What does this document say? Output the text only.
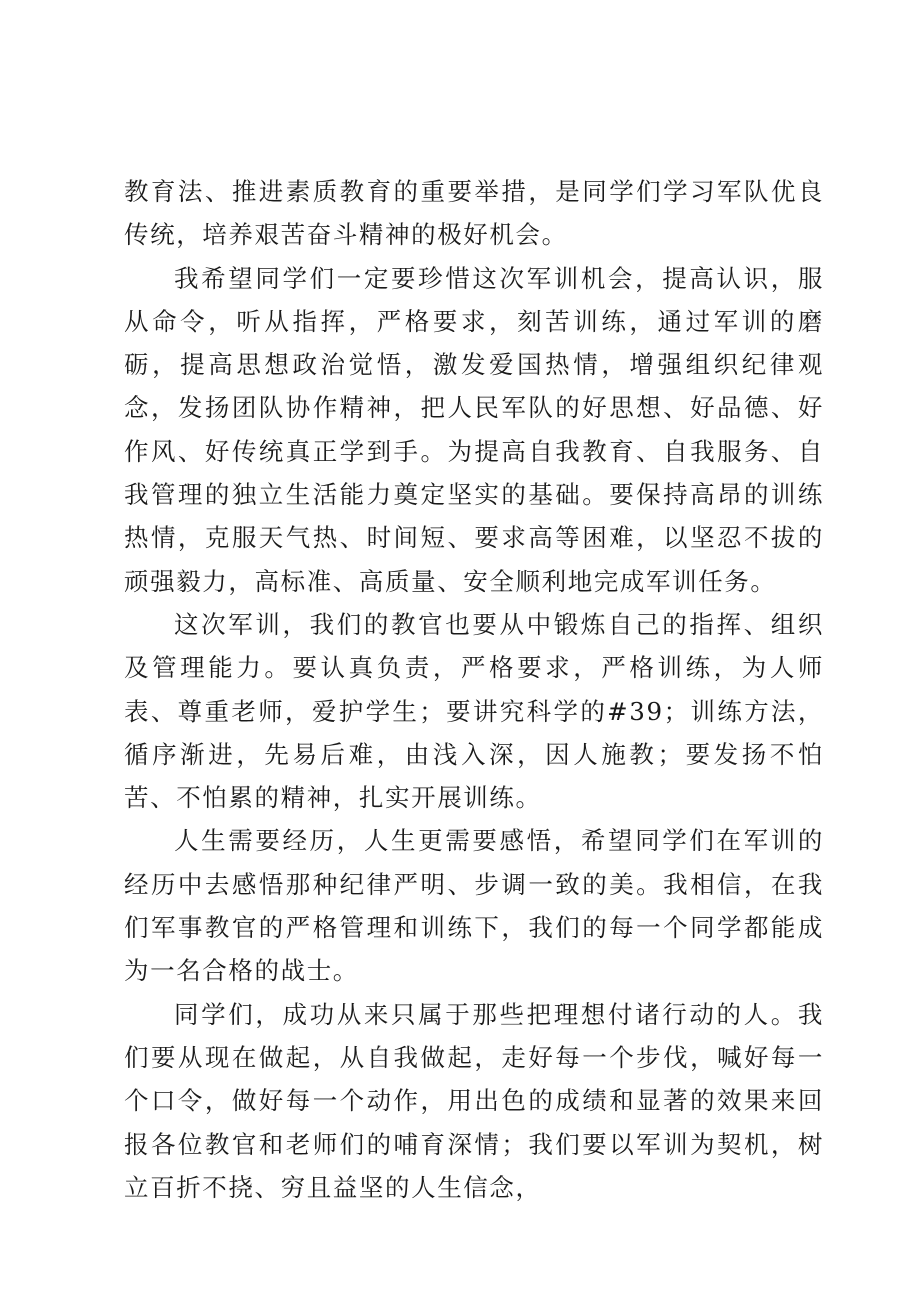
教育法、推进素质教育的重要举措，是同学们学习军队优良传统，培养艰苦奋斗精神的极好机会。

我希望同学们一定要珍惜这次军训机会，提高认识，服从命令，听从指挥，严格要求，刻苦训练，通过军训的磨砺，提高思想政治觉悟，激发爱国热情，增强组织纪律观念，发扬团队协作精神，把人民军队的好思想、好品德、好作风、好传统真正学到手。为提高自我教育、自我服务、自我管理的独立生活能力奠定坚实的基础。要保持高昂的训练热情，克服天气热、时间短、要求高等困难，以坚忍不拔的顽强毅力，高标准、高质量、安全顺利地完成军训任务。

这次军训，我们的教官也要从中锻炼自己的指挥、组织及管理能力。要认真负责，严格要求，严格训练，为人师表、尊重老师，爱护学生；要讲究科学的#39；训练方法，循序渐进，先易后难，由浅入深，因人施教；要发扬不怕苦、不怕累的精神，扎实开展训练。

人生需要经历，人生更需要感悟，希望同学们在军训的经历中去感悟那种纪律严明、步调一致的美。我相信，在我们军事教官的严格管理和训练下，我们的每一个同学都能成为一名合格的战士。

同学们，成功从来只属于那些把理想付诸行动的人。我们要从现在做起，从自我做起，走好每一个步伐，喊好每一个口令，做好每一个动作，用出色的成绩和显著的效果来回报各位教官和老师们的哺育深情；我们要以军训为契机，树立百折不挠、穷且益坚的人生信念，
